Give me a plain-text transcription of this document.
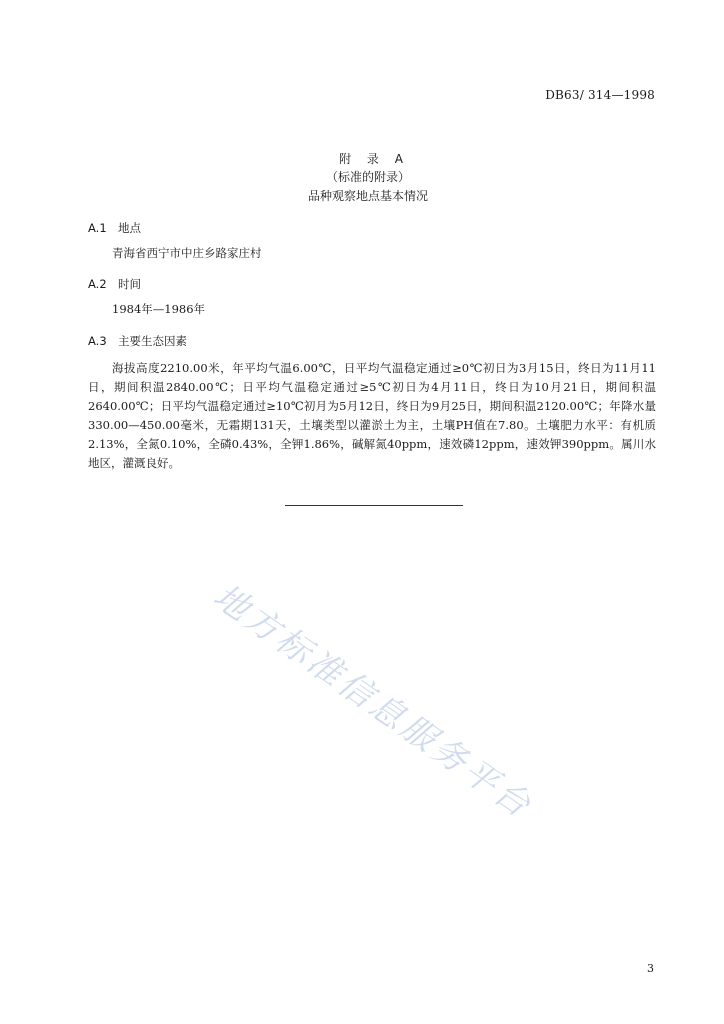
DB63/ 314—1998
附 录 A
（标准的附录）
品种观察地点基本情况
A.1 地点
青海省西宁市中庄乡路家庄村
A.2 时间
1984年—1986年
A.3 主要生态因素
海拔高度2210.00米，年平均气温6.00℃，日平均气温稳定通过≥0℃初日为3月15日，终日为11月11日，期间积温2840.00℃；日平均气温稳定通过≥5℃初日为4月11日，终日为10月21日，期间积温2640.00℃；日平均气温稳定通过≥10℃初月为5月12日，终日为9月25日，期间积温2120.00℃；年降水量330.00—450.00毫米，无霜期131天，土壤类型以灌淤土为主，土壤PH值在7.80。土壤肥力水平：有机质2.13%，全氮0.10%，全磷0.43%，全钾1.86%，碱解氮40ppm，速效磷12ppm，速效钾390ppm。属川水地区，灌溉良好。
地方标准信息服务平台
3
